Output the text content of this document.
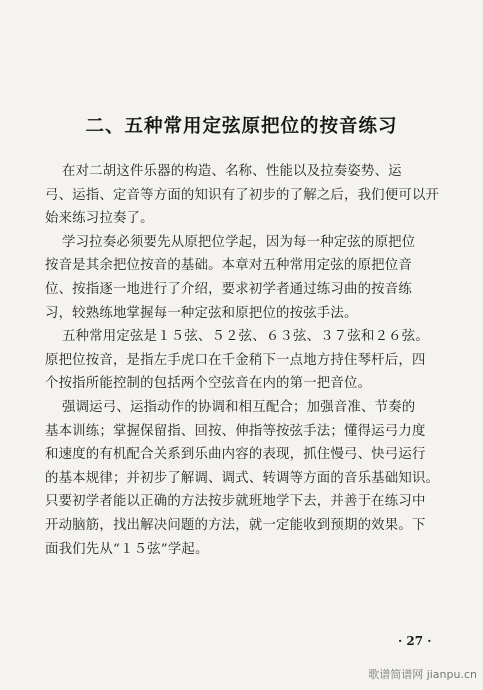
二、五种常用定弦原把位的按音练习
在对二胡这件乐器的构造、名称、性能以及拉奏姿势、运
弓、运指、定音等方面的知识有了初步的了解之后，我们便可以开
始来练习拉奏了。
学习拉奏必须要先从原把位学起，因为每一种定弦的原把位
按音是其余把位按音的基础。本章对五种常用定弦的原把位音
位、按指逐一地进行了介绍，要求初学者通过练习曲的按音练
习，较熟练地掌握每一种定弦和原把位的按弦手法。
五种常用定弦是１５弦、５２弦、６３弦、３７弦和２６弦。
原把位按音，是指左手虎口在千金稍下一点地方持住琴杆后，四
个按指所能控制的包括两个空弦音在内的第一把音位。
强调运弓、运指动作的协调和相互配合；加强音准、节奏的
基本训练；掌握保留指、回按、伸指等按弦手法；懂得运弓力度
和速度的有机配合关系到乐曲内容的表现，抓住慢弓、快弓运行
的基本规律；并初步了解调、调式、转调等方面的音乐基础知识。
只要初学者能以正确的方法按步就班地学下去，并善于在练习中
开动脑筋，找出解决问题的方法，就一定能收到预期的效果。下
面我们先从“１５弦”学起。
· 27 ·
歌谱简谱网 jianpu.cn
